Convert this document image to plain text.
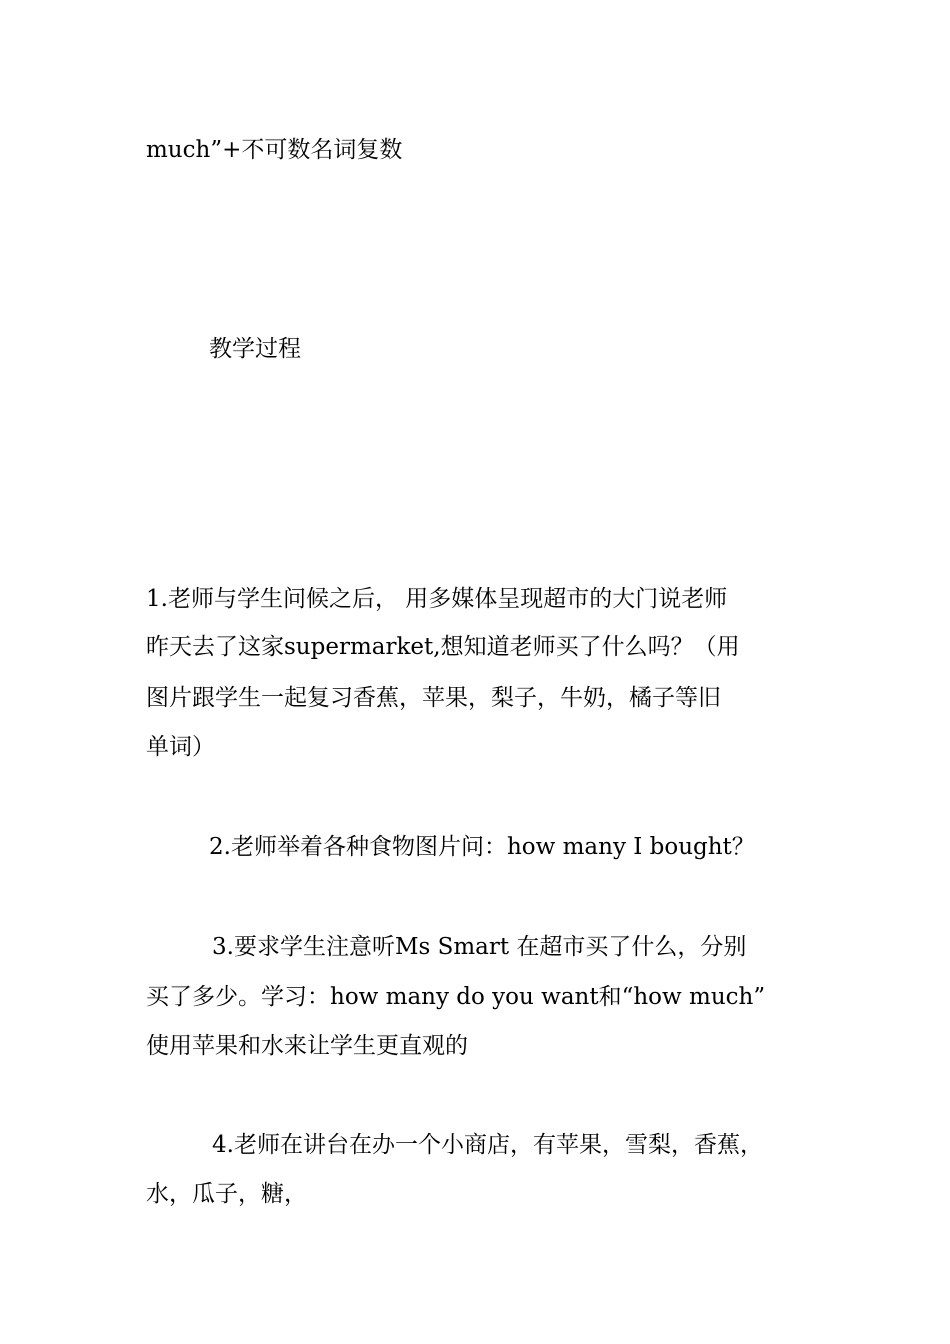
much”+不可数名词复数
教学过程
1.老师与学生问候之后， 用多媒体呈现超市的大门说老师
昨天去了这家supermarket,想知道老师买了什么吗？（用
图片跟学生一起复习香蕉，苹果，梨子，牛奶，橘子等旧
单词）
2.老师举着各种食物图片问：how many I bought？
3.要求学生注意听Ms Smart 在超市买了什么，分别
买了多少。学习：how many do you want和“how much”
使用苹果和水来让学生更直观的
4.老师在讲台在办一个小商店，有苹果，雪梨，香蕉，
水，瓜子，糖，
